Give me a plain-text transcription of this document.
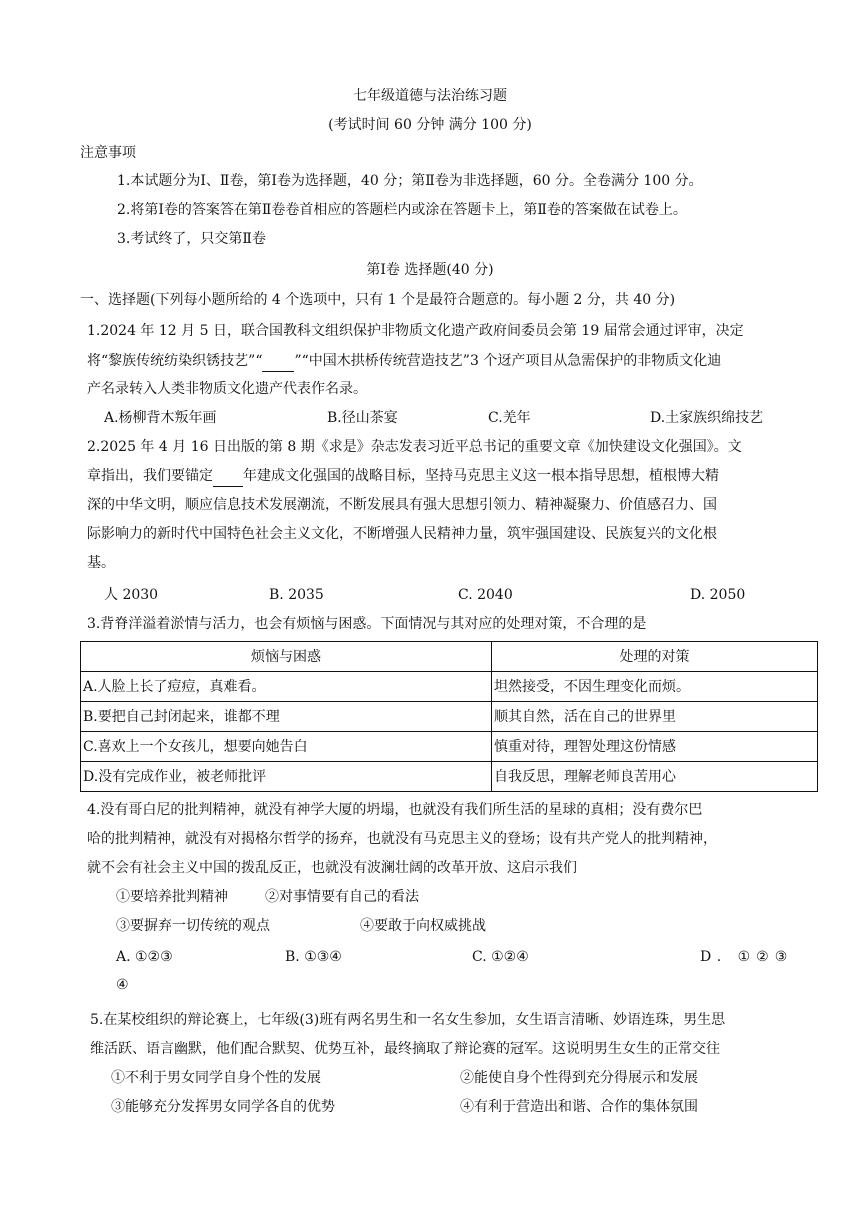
七年级道德与法治练习题
(考试时间 60 分钟 满分 100 分)
注意事项
1.本试题分为Ⅰ、Ⅱ卷，第Ⅰ卷为选择题，40 分；第Ⅱ卷为非选择题，60 分。全卷满分 100 分。
2.将第Ⅰ卷的答案答在第Ⅱ卷卷首相应的答题栏内或涂在答题卡上，第Ⅱ卷的答案做在试卷上。
3.考试终了，只交第Ⅱ卷
第Ⅰ卷 选择题(40 分)
一、选择题(下列每小题所给的 4 个选项中，只有 1 个是最符合题意的。每小题 2 分，共 40 分)
1.2024 年 12 月 5 日，联合国教科文组织保护非物质文化遗产政府间委员会第 19 届常会通过评审，决定
将“黎族传统纺染织锈技艺”“ ”“中国木拱桥传统营造技艺”3 个迓产项目从急需保护的非物质文化迪
产名录转入人类非物质文化遗产代表作名录。
A.杨柳背木叛年画	B.径山茶宴	C.羌年	D.土家族织绵技艺
2.2025 年 4 月 16 日出版的第 8 期《求是》杂志发表习近平总书记的重要文章《加快建设文化强国》。文
章指出，我们要锚定 年建成文化强国的战略目标，坚持马克思主义这一根本指导思想，植根博大精
深的中华文明，顺应信息技术发展潮流，不断发展具有强大思想引领力、精神凝聚力、价值感召力、国
际影响力的新时代中国特色社会主义文化，不断增强人民精神力量，筑牢强国建设、民族复兴的文化根
基。
人 2030	B. 2035	C. 2040	D. 2050
3.背脊洋溢着淤情与活力，也会有烦恼与困惑。下面情况与其对应的处理对策，不合理的是
烦恼与困惑	处理的对策
A.人脸上长了痘痘，真难看。	坦然接受，不因生理变化而烦。
B.要把自己封闭起来，谁都不理	顺其自然，活在自己的世界里
C.喜欢上一个女孩儿，想要向她告白	慎重对待，理智处理这份情感
D.没有完成作业，被老师批评	自我反思，理解老师良苦用心
4.没有哥白尼的批判精神，就没有神学大厦的坍塌，也就没有我们所生活的星球的真相；没有费尔巴
哈的批判精神，就没有对揭格尔哲学的扬弃，也就没有马克思主义的登场；设有共产党人的批判精神，
就不会有社会主义中国的拨乱反正，也就没有波澜壮阔的改革开放、这启示我们
①要培养批判精神	②对事情要有自己的看法
③要摒弃一切传统的观点	④要敢于向权威挑战
A. ①②③	B. ①③④	C. ①②④	D. ①②③
④
5.在某校组织的辩论赛上，七年级(3)班有两名男生和一名女生参加，女生语言清晰、妙语连珠，男生思
维活跃、语言幽默，他们配合默契、优势互补，最终摘取了辩论赛的冠军。这说明男生女生的正常交往
①不利于男女同学自身个性的发展	②能使自身个性得到充分得展示和发展
③能够充分发挥男女同学各自的优势	④有利于营造出和谐、合作的集体氛围
